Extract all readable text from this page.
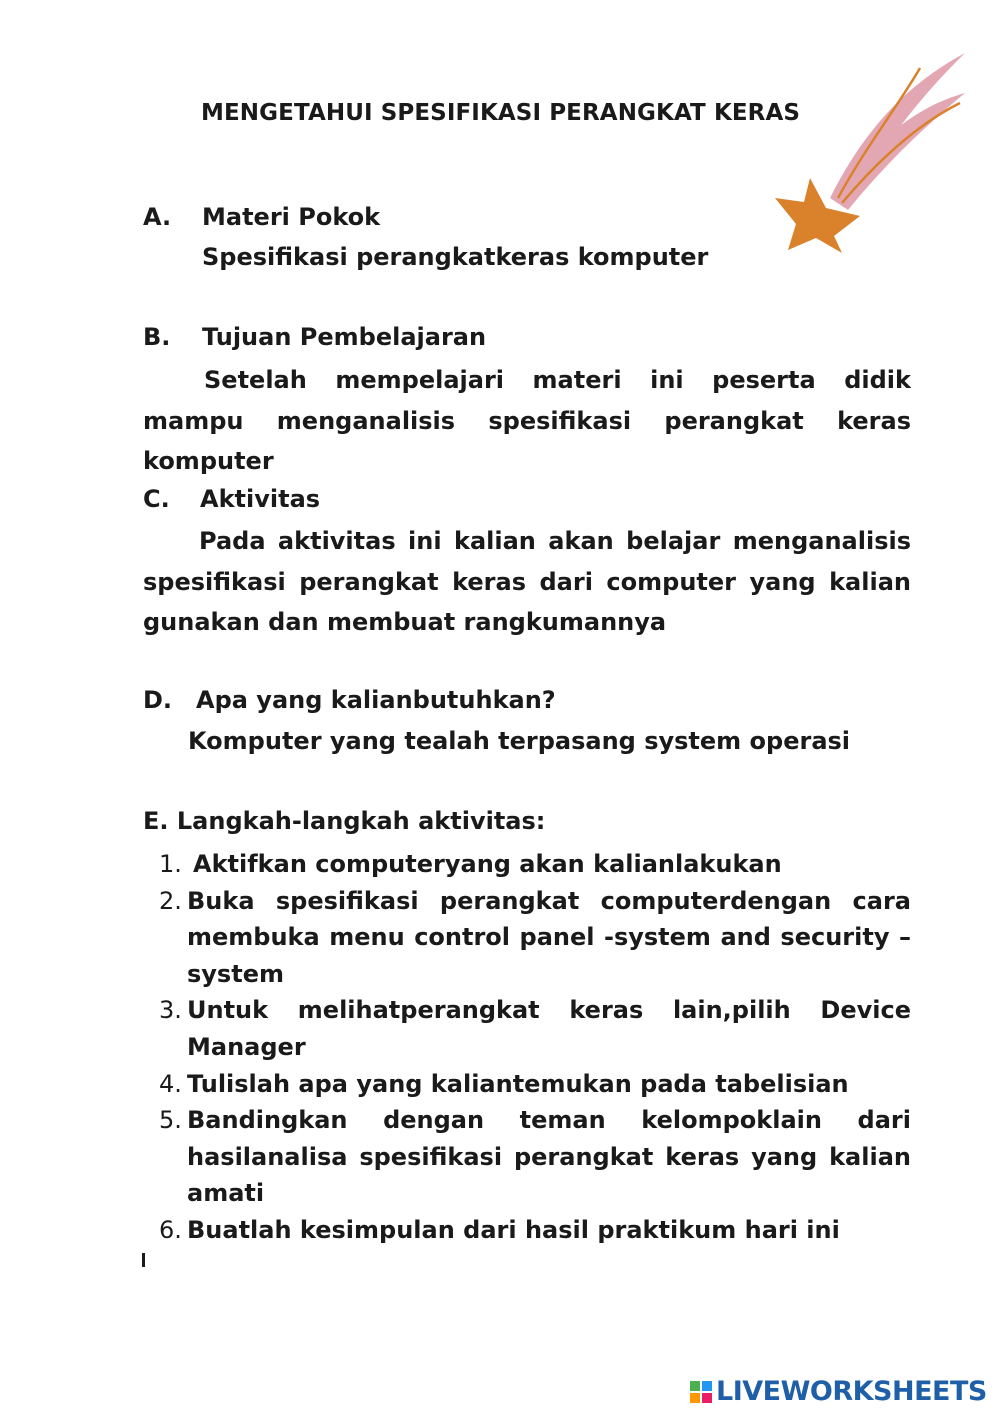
MENGETAHUI SPESIFIKASI PERANGKAT KERAS
A. Materi Pokok
Spesifikasi perangkatkeras komputer
B. Tujuan Pembelajaran
Setelah mempelajari materi ini peserta didik mampu menganalisis spesifikasi perangkat keras komputer
C. Aktivitas
Pada aktivitas ini kalian akan belajar menganalisis spesifikasi perangkat keras dari computer yang kalian gunakan dan membuat rangkumannya
D. Apa yang kalianbutuhkan?
Komputer yang tealah terpasang system operasi
E. Langkah-langkah aktivitas:
1. Aktifkan computeryang akan kalianlakukan
2. Buka spesifikasi perangkat computerdengan cara membuka menu control panel -system and security – system
3. Untuk melihatperangkat keras lain,pilih Device Manager
4. Tulislah apa yang kaliantemukan pada tabelisian
5. Bandingkan dengan teman kelompoklain dari hasilanalisa spesifikasi perangkat keras yang kalian amati
6. Buatlah kesimpulan dari hasil praktikum hari ini
LIVEWORKSHEETS
